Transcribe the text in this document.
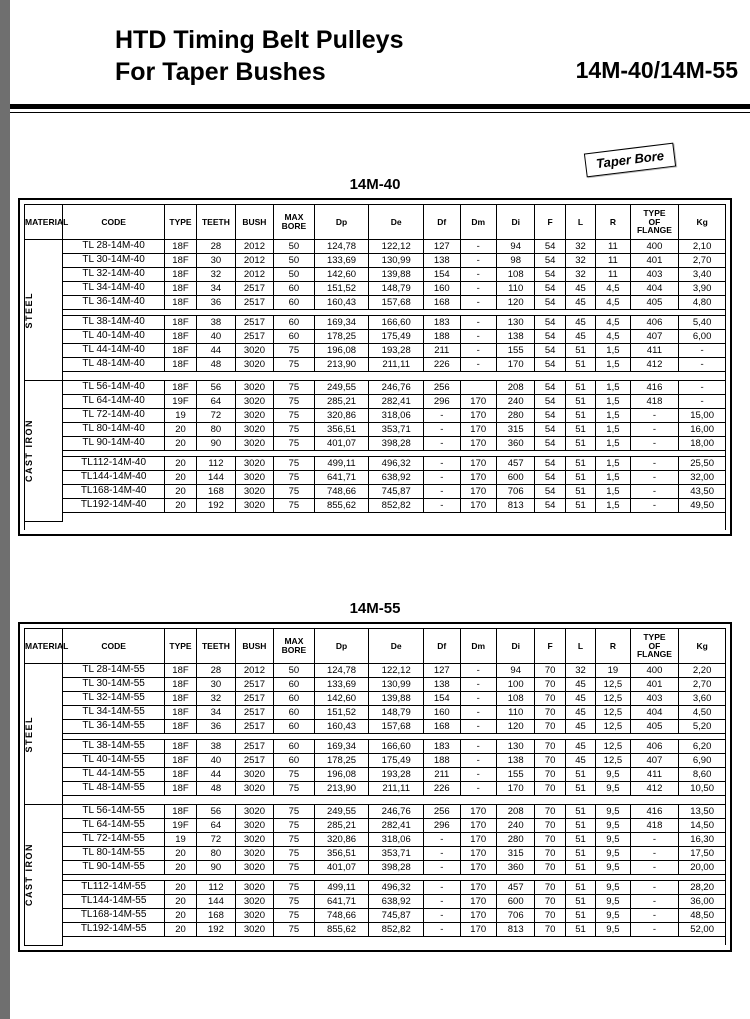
HTD Timing Belt Pulleys
For Taper Bushes	14M-40/14M-55
Taper Bore
14M-40
MATERIAL	CODE	TYPE	TEETH	BUSH	MAX
BORE	Dp	De	Df	Dm	Di	F	L	R	TYPE
OF
FLANGE	Kg

STEEL	TL 28-14M-40	18F	28	2012	50	124,78	122,12	127	-	94	54	32	11	400	2,10
	TL 30-14M-40	18F	30	2012	50	133,69	130,99	138	-	98	54	32	11	401	2,70
	TL 32-14M-40	18F	32	2012	50	142,60	139,88	154	-	108	54	32	11	403	3,40
	TL 34-14M-40	18F	34	2517	60	151,52	148,79	160	-	110	54	45	4,5	404	3,90
	TL 36-14M-40	18F	36	2517	60	160,43	157,68	168	-	120	54	45	4,5	405	4,80

	TL 38-14M-40	18F	38	2517	60	169,34	166,60	183	-	130	54	45	4,5	406	5,40
	TL 40-14M-40	18F	40	2517	60	178,25	175,49	188	-	138	54	45	4,5	407	6,00
	TL 44-14M-40	18F	44	3020	75	196,08	193,28	211	-	155	54	51	1,5	411	-
	TL 48-14M-40	18F	48	3020	75	213,90	211,11	226	-	170	54	51	1,5	412	-

CAST IRON	TL 56-14M-40	18F	56	3020	75	249,55	246,76	256		208	54	51	1,5	416	-
	TL 64-14M-40	19F	64	3020	75	285,21	282,41	296	170	240	54	51	1,5	418	-
	TL 72-14M-40	19	72	3020	75	320,86	318,06	-	170	280	54	51	1,5	-	15,00
	TL 80-14M-40	20	80	3020	75	356,51	353,71	-	170	315	54	51	1,5	-	16,00
	TL 90-14M-40	20	90	3020	75	401,07	398,28	-	170	360	54	51	1,5	-	18,00

	TL112-14M-40	20	112	3020	75	499,11	496,32	-	170	457	54	51	1,5	-	25,50
	TL144-14M-40	20	144	3020	75	641,71	638,92	-	170	600	54	51	1,5	-	32,00
	TL168-14M-40	20	168	3020	75	748,66	745,87	-	170	706	54	51	1,5	-	43,50
	TL192-14M-40	20	192	3020	75	855,62	852,82	-	170	813	54	51	1,5	-	49,50

14M-55
MATERIAL	CODE	TYPE	TEETH	BUSH	MAX
BORE	Dp	De	Df	Dm	Di	F	L	R	TYPE
OF
FLANGE	Kg

STEEL	TL 28-14M-55	18F	28	2012	50	124,78	122,12	127	-	94	70	32	19	400	2,20
	TL 30-14M-55	18F	30	2517	60	133,69	130,99	138	-	100	70	45	12,5	401	2,70
	TL 32-14M-55	18F	32	2517	60	142,60	139,88	154	-	108	70	45	12,5	403	3,60
	TL 34-14M-55	18F	34	2517	60	151,52	148,79	160	-	110	70	45	12,5	404	4,50
	TL 36-14M-55	18F	36	2517	60	160,43	157,68	168	-	120	70	45	12,5	405	5,20

	TL 38-14M-55	18F	38	2517	60	169,34	166,60	183	-	130	70	45	12,5	406	6,20
	TL 40-14M-55	18F	40	2517	60	178,25	175,49	188	-	138	70	45	12,5	407	6,90
	TL 44-14M-55	18F	44	3020	75	196,08	193,28	211	-	155	70	51	9,5	411	8,60
	TL 48-14M-55	18F	48	3020	75	213,90	211,11	226	-	170	70	51	9,5	412	10,50

CAST IRON	TL 56-14M-55	18F	56	3020	75	249,55	246,76	256	170	208	70	51	9,5	416	13,50
	TL 64-14M-55	19F	64	3020	75	285,21	282,41	296	170	240	70	51	9,5	418	14,50
	TL 72-14M-55	19	72	3020	75	320,86	318,06	-	170	280	70	51	9,5	-	16,30
	TL 80-14M-55	20	80	3020	75	356,51	353,71	-	170	315	70	51	9,5	-	17,50
	TL 90-14M-55	20	90	3020	75	401,07	398,28	-	170	360	70	51	9,5	-	20,00

	TL112-14M-55	20	112	3020	75	499,11	496,32	-	170	457	70	51	9,5	-	28,20
	TL144-14M-55	20	144	3020	75	641,71	638,92	-	170	600	70	51	9,5	-	36,00
	TL168-14M-55	20	168	3020	75	748,66	745,87	-	170	706	70	51	9,5	-	48,50
	TL192-14M-55	20	192	3020	75	855,62	852,82	-	170	813	70	51	9,5	-	52,00
